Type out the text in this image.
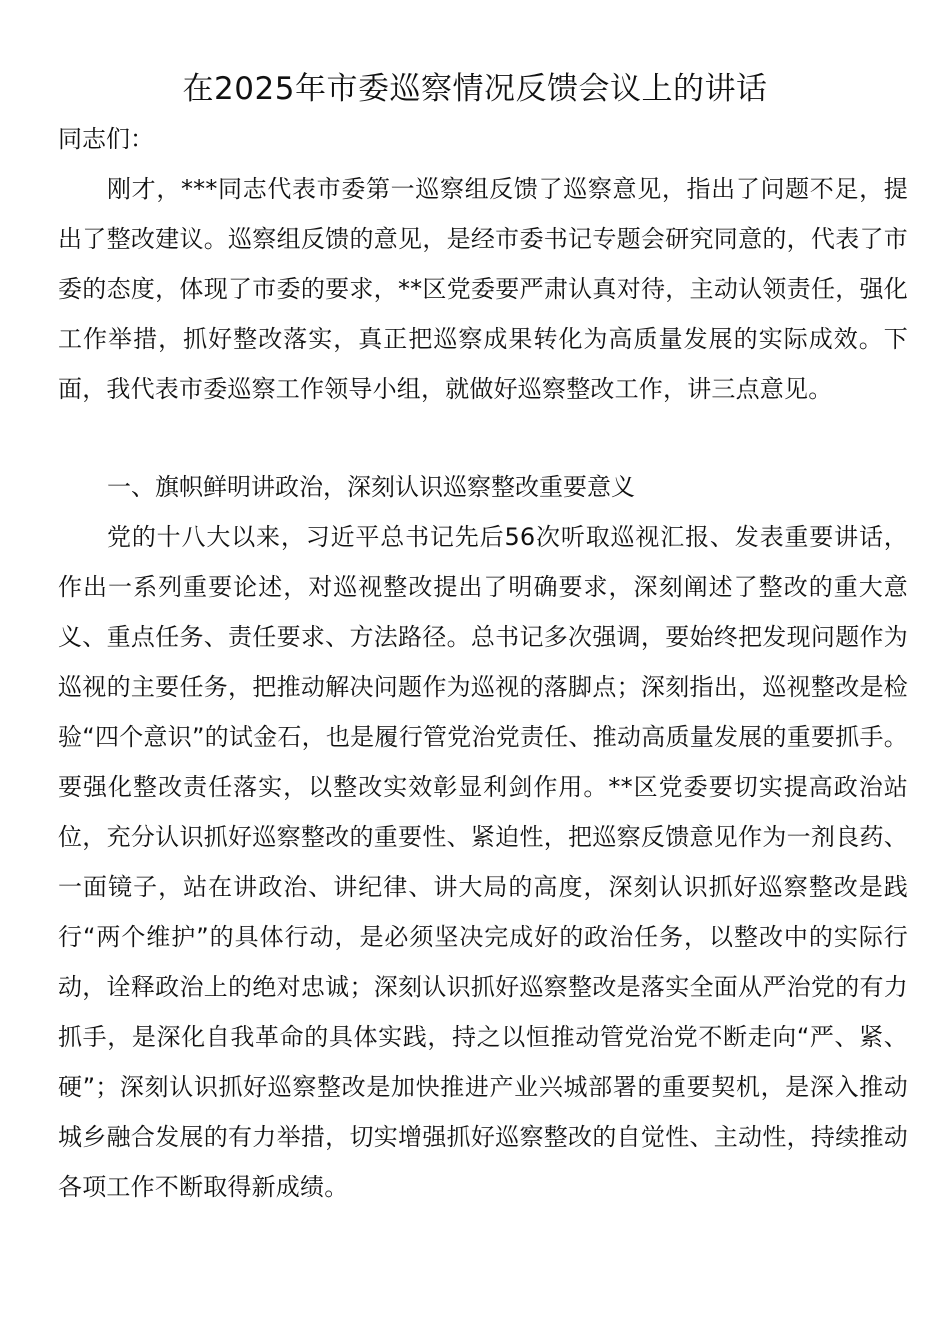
在2025年市委巡察情况反馈会议上的讲话

同志们：

刚才，***同志代表市委第一巡察组反馈了巡察意见，指出了问题不足，提出了整改建议。巡察组反馈的意见，是经市委书记专题会研究同意的，代表了市委的态度，体现了市委的要求，**区党委要严肃认真对待，主动认领责任，强化工作举措，抓好整改落实，真正把巡察成果转化为高质量发展的实际成效。下面，我代表市委巡察工作领导小组，就做好巡察整改工作，讲三点意见。

一、旗帜鲜明讲政治，深刻认识巡察整改重要意义

党的十八大以来，习近平总书记先后56次听取巡视汇报、发表重要讲话，作出一系列重要论述，对巡视整改提出了明确要求，深刻阐述了整改的重大意义、重点任务、责任要求、方法路径。总书记多次强调，要始终把发现问题作为巡视的主要任务，把推动解决问题作为巡视的落脚点；深刻指出，巡视整改是检验“四个意识”的试金石，也是履行管党治党责任、推动高质量发展的重要抓手。要强化整改责任落实，以整改实效彰显利剑作用。**区党委要切实提高政治站位，充分认识抓好巡察整改的重要性、紧迫性，把巡察反馈意见作为一剂良药、一面镜子，站在讲政治、讲纪律、讲大局的高度，深刻认识抓好巡察整改是践行“两个维护”的具体行动，是必须坚决完成好的政治任务，以整改中的实际行动，诠释政治上的绝对忠诚；深刻认识抓好巡察整改是落实全面从严治党的有力抓手，是深化自我革命的具体实践，持之以恒推动管党治党不断走向“严、紧、硬”；深刻认识抓好巡察整改是加快推进产业兴城部署的重要契机，是深入推动城乡融合发展的有力举措，切实增强抓好巡察整改的自觉性、主动性，持续推动各项工作不断取得新成绩。
